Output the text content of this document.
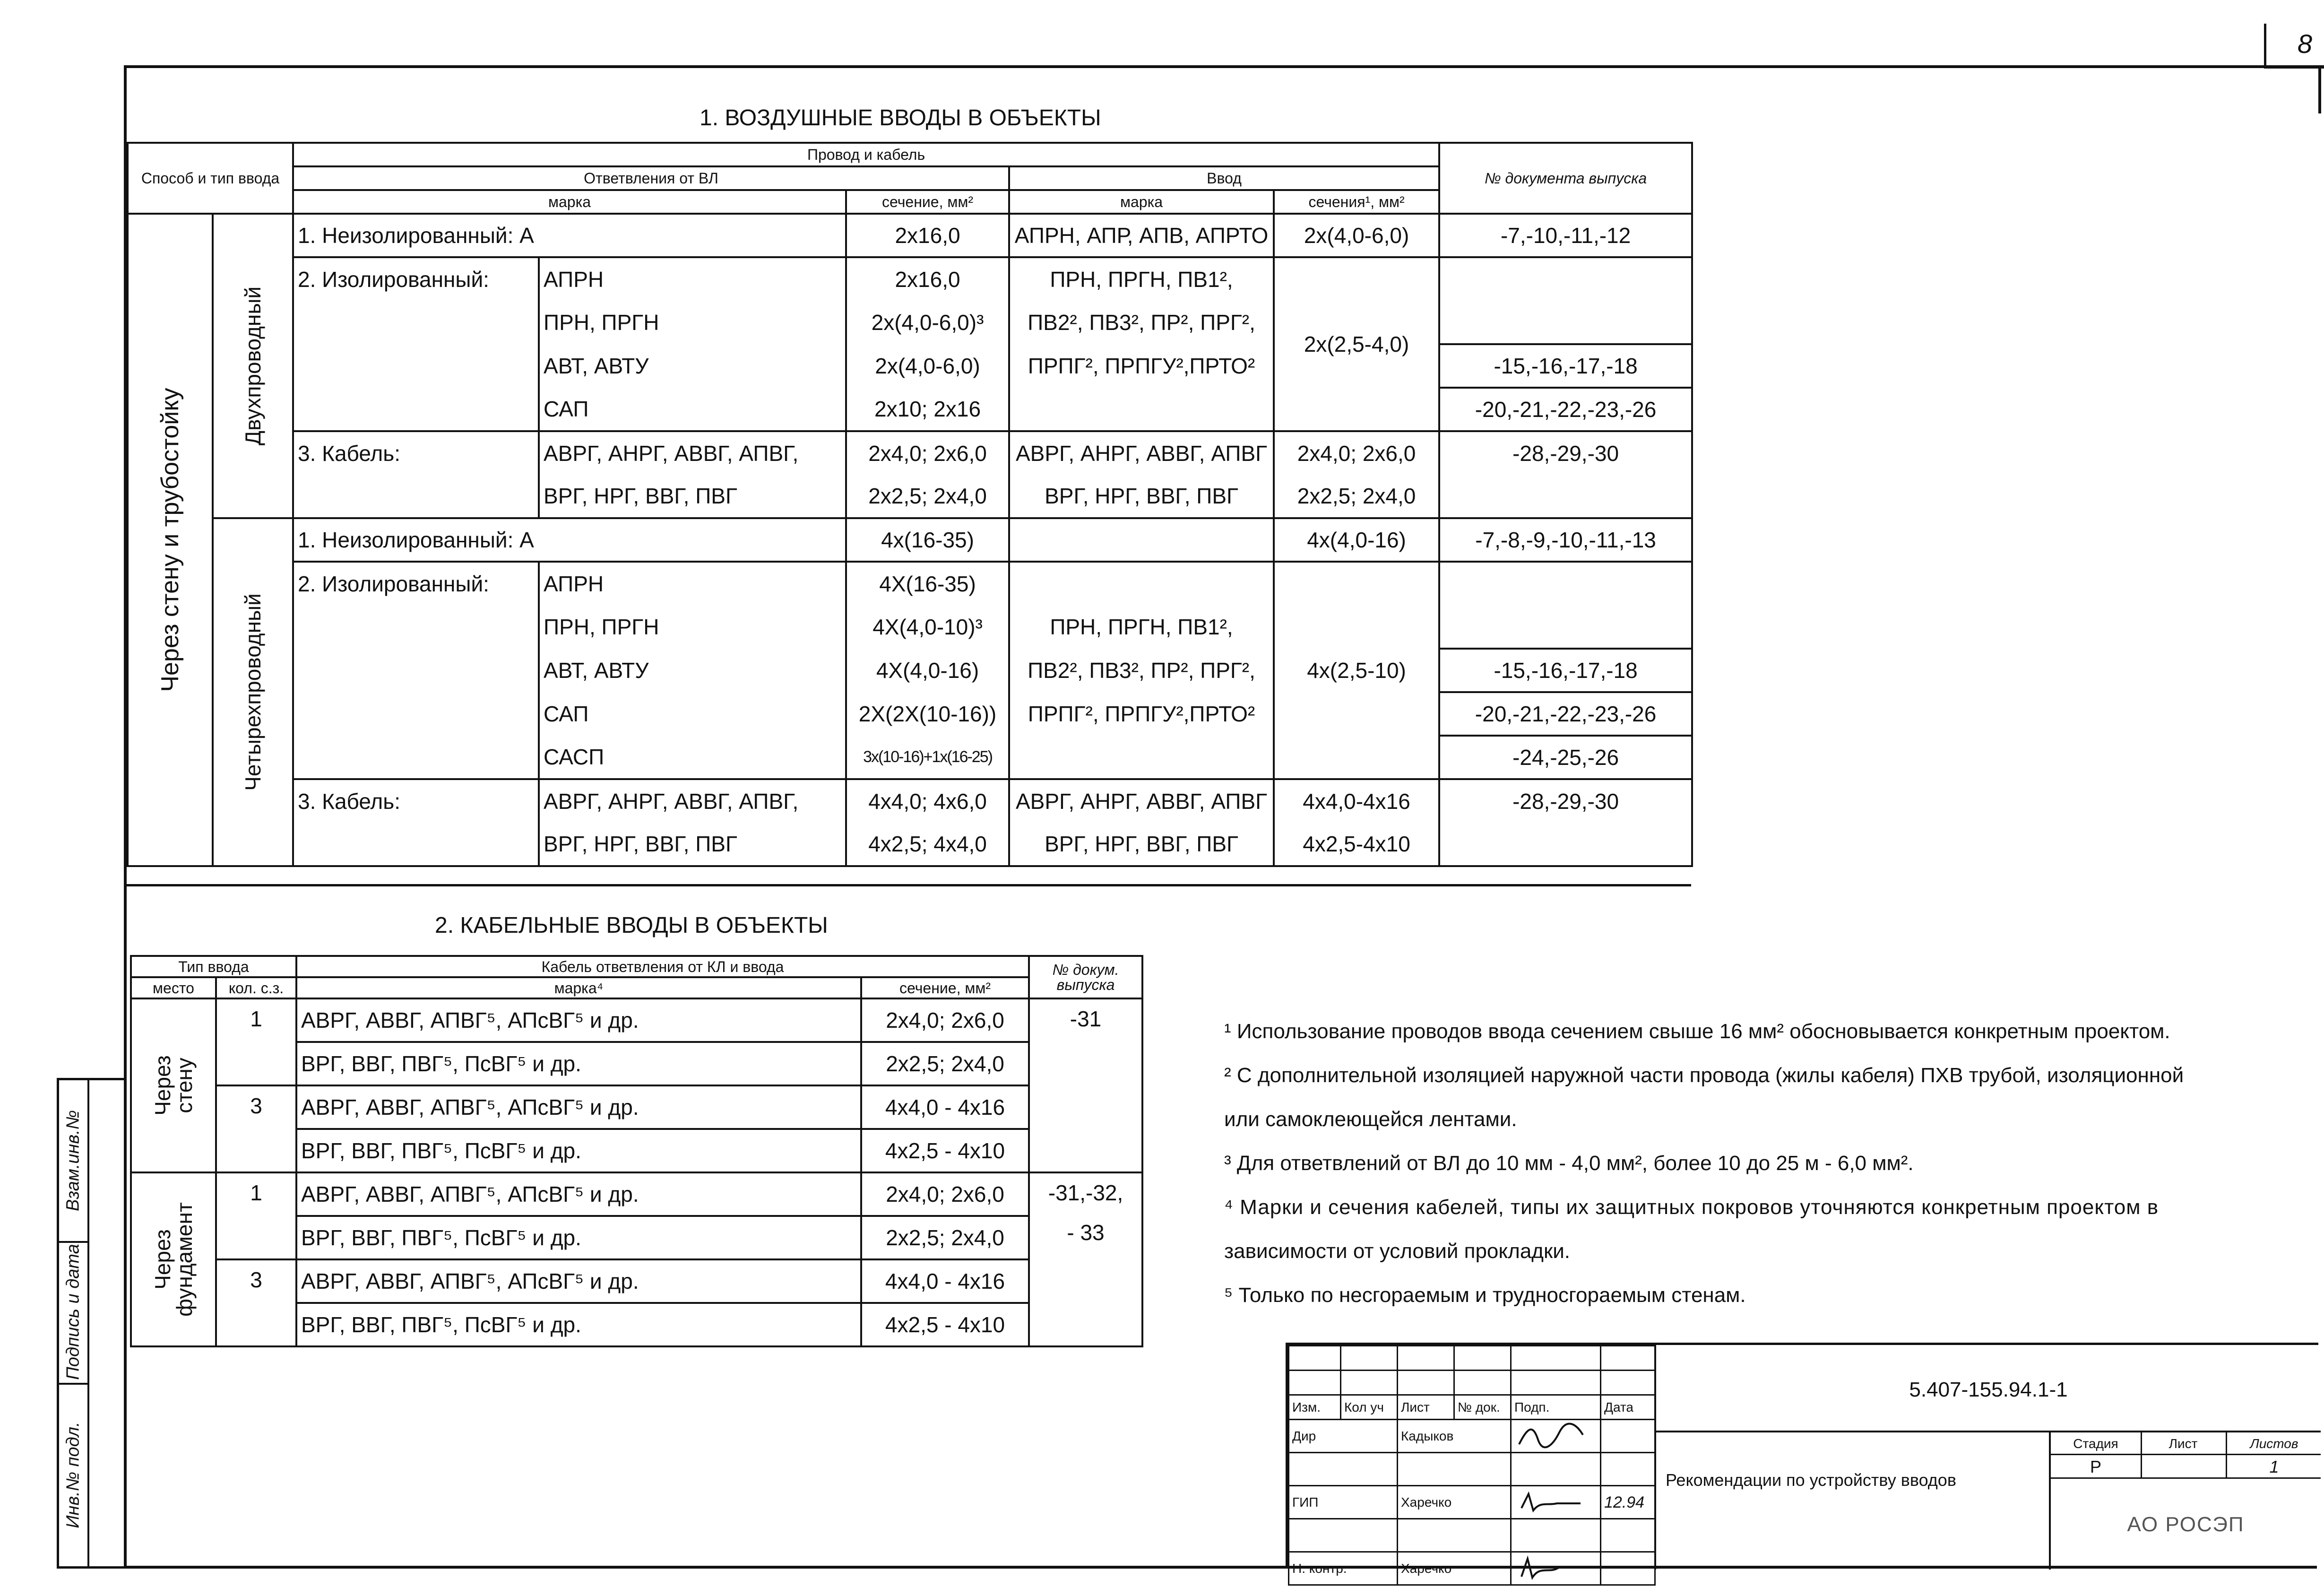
8
Взам.инв.№
Подпись и дата
Инв.№ подл.
1. ВОЗДУШНЫЕ ВВОДЫ В ОБЪЕКТЫ
Способ и тип ввода		Провод и кабель					№ документа выпуска
		Ответвления от ВЛ			Ввод		
		марка		сечение, мм²	марка	сечения¹, мм²	

Через стену и трубостойку	Двухпроводный	1. Неизолированный: А		2x16,0	АПРН, АПР, АПВ, АПРТО	2x(4,0-6,0)	-7,-10,-11,-12
		2. Изолированный:	АПРН	2x16,0	ПРН, ПРГН, ПВ1²,	2x(2,5-4,0)	
			ПРН, ПРГН	2x(4,0-6,0)³	ПВ2², ПВ3², ПР², ПРГ²,		
			АВТ, АВТУ	2x(4,0-6,0)	ПРПГ², ПРПГУ²,ПРТО²		-15,-16,-17,-18
			САП	2x10; 2x16			-20,-21,-22,-23,-26
		3. Кабель:	АВРГ, АНРГ, АВВГ, АПВГ,	2x4,0; 2x6,0	АВРГ, АНРГ, АВВГ, АПВГ	2x4,0; 2x6,0	-28,-29,-30
			ВРГ, НРГ, ВВГ, ПВГ	2x2,5; 2x4,0	ВРГ, НРГ, ВВГ, ПВГ	2x2,5; 2x4,0	

	Четырехпроводный	1. Неизолированный: А		4x(16-35)		4x(4,0-16)	-7,-8,-9,-10,-11,-13
		2. Изолированный:	АПРН	4X(16-35)		4x(2,5-10)	
			ПРН, ПРГН	4X(4,0-10)³	ПРН, ПРГН, ПВ1²,		
			АВТ, АВТУ	4X(4,0-16)	ПВ2², ПВ3², ПР², ПРГ²,		-15,-16,-17,-18
			САП	2X(2X(10-16))	ПРПГ², ПРПГУ²,ПРТО²		-20,-21,-22,-23,-26
			САСП	3x(10-16)+1x(16-25)			-24,-25,-26
		3. Кабель:	АВРГ, АНРГ, АВВГ, АПВГ,	4x4,0; 4x6,0	АВРГ, АНРГ, АВВГ, АПВГ	4x4,0-4x16	-28,-29,-30
			ВРГ, НРГ, ВВГ, ПВГ	4x2,5; 4x4,0	ВРГ, НРГ, ВВГ, ПВГ	4x2,5-4x10	
2. КАБЕЛЬНЫЕ ВВОДЫ В ОБЪЕКТЫ
Тип ввода		Кабель ответвления от КЛ и ввода		№ докум. выпуска
место	кол. c.з.	марка⁴	сечение, мм²	

Через стену	1	АВРГ, АВВГ, АПВГ⁵, АПсВГ⁵ и др.	2x4,0; 2x6,0	-31
		ВРГ, ВВГ, ПВГ⁵, ПсВГ⁵ и др.	2x2,5; 2x4,0	
	3	АВРГ, АВВГ, АПВГ⁵, АПсВГ⁵ и др.	4x4,0 - 4x16	
		ВРГ, ВВГ, ПВГ⁵, ПсВГ⁵ и др.	4x2,5 - 4x10	

Через фундамент	1	АВРГ, АВВГ, АПВГ⁵, АПсВГ⁵ и др.	2x4,0; 2x6,0	-31,-32,
- 33

		ВРГ, ВВГ, ПВГ⁵, ПсВГ⁵ и др.	2x2,5; 2x4,0	
	3	АВРГ, АВВГ, АПВГ⁵, АПсВГ⁵ и др.	4x4,0 - 4x16	
		ВРГ, ВВГ, ПВГ⁵, ПсВГ⁵ и др.	4x2,5 - 4x10	
¹ Использование проводов ввода сечением свыше 16 мм² обосновывается конкретным проектом.
² С дополнительной изоляцией наружной части провода (жилы кабеля) ПХВ трубой, изоляционной
или самоклеющейся лентами.
³ Для ответвлений от ВЛ до 10 мм - 4,0 мм², более 10 до 25 м - 6,0 мм².
⁴ Марки и сечения кабелей, типы их защитных покровов уточняются конкретным проектом в
зависимости от условий прокладки.
⁵ Только по несгораемым и трудносгораемым стенам.

Изм.	Кол уч	Лист	№ док.	Подп.	Дата
Дир		Кадыков		

ГИП		Харечко			12.94

Н. контр.		Харечко		
5.407-155.94.1-1
Рекомендации по устройству вводов
Стадия	Лист	Листов
Р	1
АО РОСЭП
